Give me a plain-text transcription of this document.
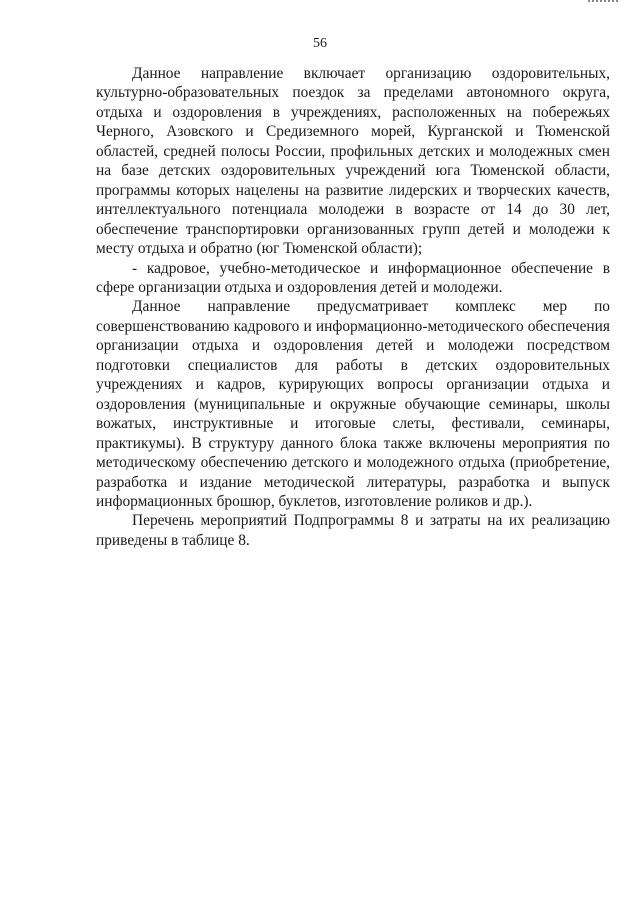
56

Данное направление включает организацию оздоровительных, культурно-образовательных поездок за пределами автономного округа, отдыха и оздоровления в учреждениях, расположенных на побережьях Черного, Азовского и Средиземного морей, Курганской и Тюменской областей, средней полосы России, профильных детских и молодежных смен на базе детских оздоровительных учреждений юга Тюменской области, программы которых нацелены на развитие лидерских и творческих качеств, интеллектуального потенциала молодежи в возрасте от 14 до 30 лет, обеспечение транспортировки организованных групп детей и молодежи к месту отдыха и обратно (юг Тюменской области);

- кадровое, учебно-методическое и информационное обеспечение в сфере организации отдыха и оздоровления детей и молодежи.

Данное направление предусматривает комплекс мер по совершенствованию кадрового и информационно-методического обеспечения организации отдыха и оздоровления детей и молодежи посредством подготовки специалистов для работы в детских оздоровительных учреждениях и кадров, курирующих вопросы организации отдыха и оздоровления (муниципальные и окружные обучающие семинары, школы вожатых, инструктивные и итоговые слеты, фестивали, семинары, практикумы). В структуру данного блока также включены мероприятия по методическому обеспечению детского и молодежного отдыха (приобретение, разработка и издание методической литературы, разработка и выпуск информационных брошюр, буклетов, изготовление роликов и др.).

Перечень мероприятий Подпрограммы 8 и затраты на их реализацию приведены в таблице 8.
